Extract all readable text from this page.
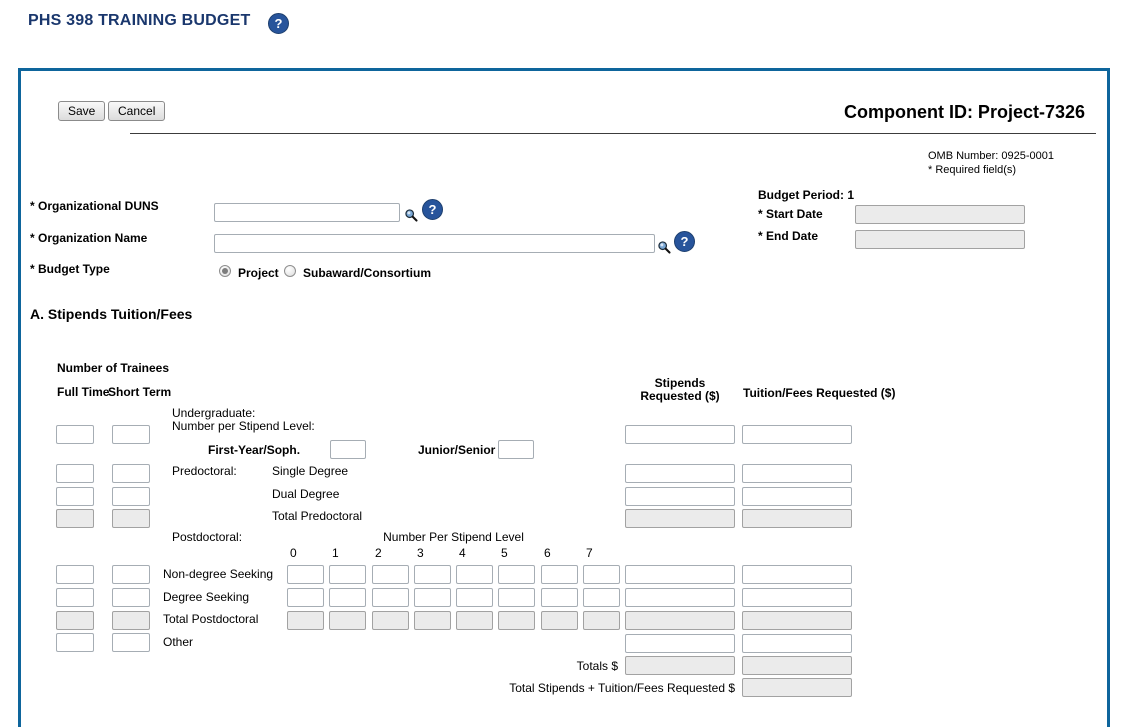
PHS 398 TRAINING BUDGET	?
Save	Cancel	Component ID: Project-7326
OMB Number: 0925-0001
* Required field(s)
* Organizational DUNS	?
* Organization Name	?
* Budget Type	Project Subaward/Consortium
Budget Period: 1
* Start Date
* End Date
A. Stipends Tuition/Fees
Number of Trainees
Full Time
Short Term
Stipends
Requested ($)	Tuition/Fees Requested ($)
Undergraduate:
Number per Stipend Level:
First-Year/Soph.	Junior/Senior
Predoctoral:	Single Degree
Dual Degree
Total Predoctoral
Postdoctoral:	Number Per Stipend Level
0	1	2	3	4	5	6	7
Non-degree Seeking
Degree Seeking
Total Postdoctoral
Other
Totals $
Total Stipends + Tuition/Fees Requested $
